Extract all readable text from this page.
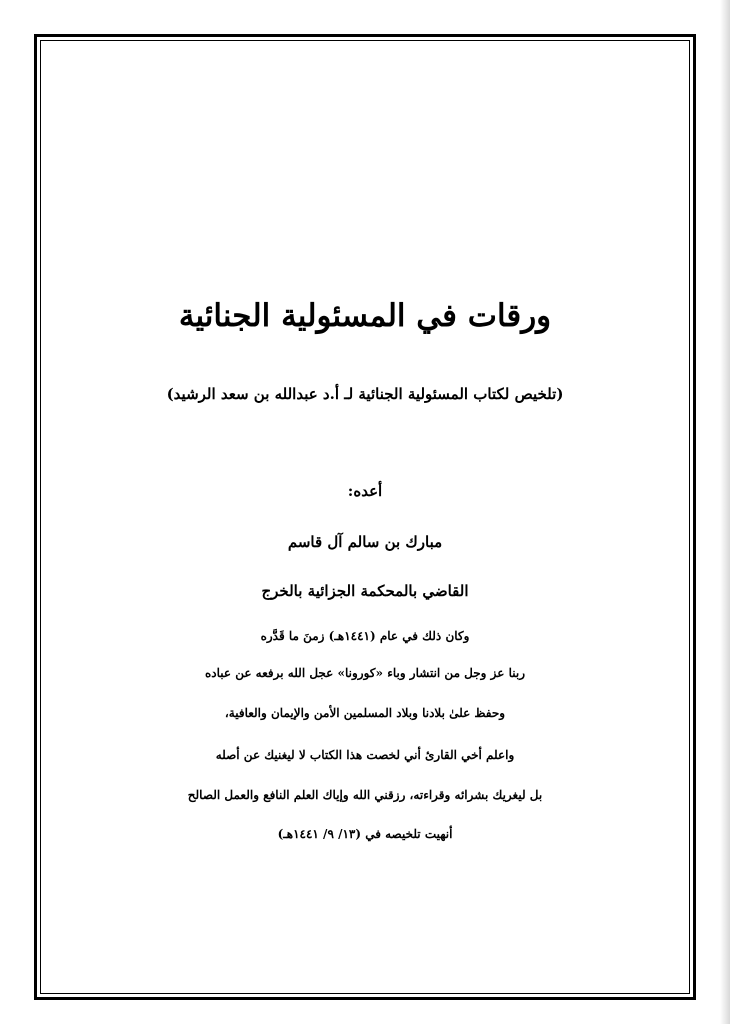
ورقات في المسئولية الجنائية
(تلخيص لكتاب المسئولية الجنائية لـ أ.د عبدالله بن سعد الرشيد)
أعده:
مبارك بن سالم آل قاسم
القاضي بالمحكمة الجزائية بالخرج
وكان ذلك في عام (١٤٤١هـ) زمنَ ما قَدَّره
ربنا عز وجل من انتشار وباء «كورونا» عجل الله برفعه عن عباده
وحفظ علىٰ بلادنا وبلاد المسلمين الأمن والإيمان والعافية،
واعلم أخي القارئ أني لخصت هذا الكتاب لا ليغنيك عن أصله
بل ليغريك بشرائه وقراءته، رزقني الله وإياك العلم النافع والعمل الصالح
أنهيت تلخيصه في (١٣/ ٩/ ١٤٤١هـ)
